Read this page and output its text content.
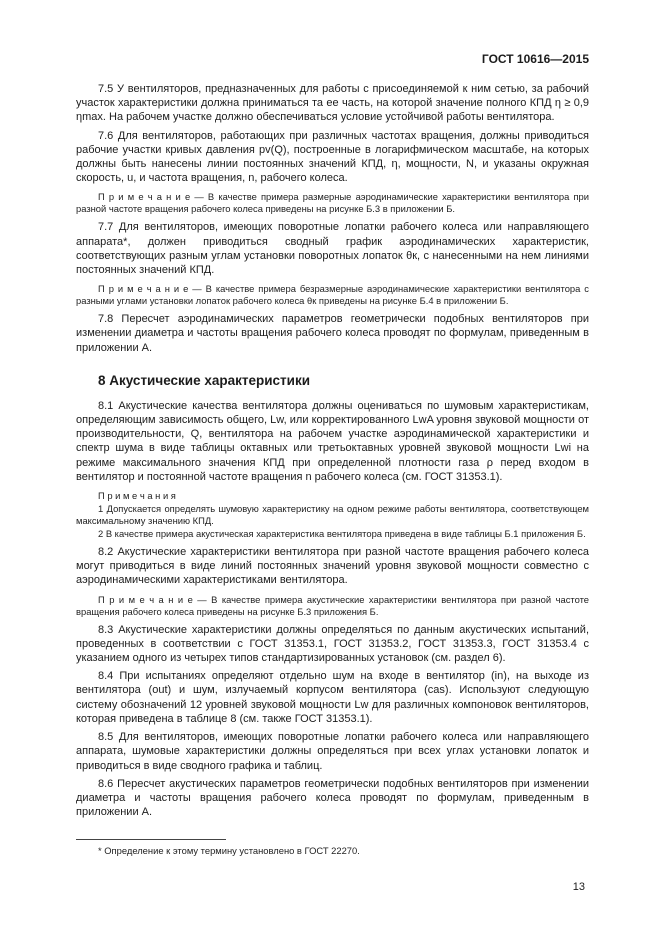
ГОСТ 10616—2015

7.5 У вентиляторов, предназначенных для работы с присоединяемой к ним сетью, за рабочий участок характеристики должна приниматься та ее часть, на которой значение полного КПД η ≥ 0,9 ηmax. На рабочем участке должно обеспечиваться условие устойчивой работы вентилятора.

7.6 Для вентиляторов, работающих при различных частотах вращения, должны приводиться рабочие участки кривых давления pv(Q), построенные в логарифмическом масштабе, на которых должны быть нанесены линии постоянных значений КПД, η, мощности, N, и указаны окружная скорость, u, и частота вращения, n, рабочего колеса.

П р и м е ч а н и е — В качестве примера размерные аэродинамические характеристики вентилятора при разной частоте вращения рабочего колеса приведены на рисунке Б.3 в приложении Б.

7.7 Для вентиляторов, имеющих поворотные лопатки рабочего колеса или направляющего аппарата*, должен приводиться сводный график аэродинамических характеристик, соответствующих разным углам установки поворотных лопаток θк, с нанесенными на нем линиями постоянных значений КПД.

П р и м е ч а н и е — В качестве примера безразмерные аэродинамические характеристики вентилятора с разными углами установки лопаток рабочего колеса θк приведены на рисунке Б.4 в приложении Б.

7.8 Пересчет аэродинамических параметров геометрически подобных вентиляторов при изменении диаметра и частоты вращения рабочего колеса проводят по формулам, приведенным в приложении А.

8 Акустические характеристики

8.1 Акустические качества вентилятора должны оцениваться по шумовым характеристикам, определяющим зависимость общего, Lw, или корректированного LwA уровня звуковой мощности от производительности, Q, вентилятора на рабочем участке аэродинамической характеристики и спектр шума в виде таблицы октавных или третьоктавных уровней звуковой мощности Lwi на режиме максимального значения КПД при определенной плотности газа ρ перед входом в вентилятор и постоянной частоте вращения n рабочего колеса (см. ГОСТ 31353.1).

П р и м е ч а н и я

1 Допускается определять шумовую характеристику на одном режиме работы вентилятора, соответствующем максимальному значению КПД.

2 В качестве примера акустическая характеристика вентилятора приведена в виде таблицы Б.1 приложения Б.

8.2 Акустические характеристики вентилятора при разной частоте вращения рабочего колеса могут приводиться в виде линий постоянных значений уровня звуковой мощности совместно с аэродинамическими характеристиками вентилятора.

П р и м е ч а н и е — В качестве примера акустические характеристики вентилятора при разной частоте вращения рабочего колеса приведены на рисунке Б.3 приложения Б.

8.3 Акустические характеристики должны определяться по данным акустических испытаний, проведенных в соответствии с ГОСТ 31353.1, ГОСТ 31353.2, ГОСТ 31353.3, ГОСТ 31353.4 с указанием одного из четырех типов стандартизированных установок (см. раздел 6).

8.4 При испытаниях определяют отдельно шум на входе в вентилятор (in), на выходе из вентилятора (out) и шум, излучаемый корпусом вентилятора (cas). Используют следующую систему обозначений 12 уровней звуковой мощности Lw для различных компоновок вентиляторов, которая приведена в таблице 8 (см. также ГОСТ 31353.1).

8.5 Для вентиляторов, имеющих поворотные лопатки рабочего колеса или направляющего аппарата, шумовые характеристики должны определяться при всех углах установки лопаток и приводиться в виде сводного графика и таблиц.

8.6 Пересчет акустических параметров геометрически подобных вентиляторов при изменении диаметра и частоты вращения рабочего колеса проводят по формулам, приведенным в приложении А.

* Определение к этому термину установлено в ГОСТ 22270.

13
